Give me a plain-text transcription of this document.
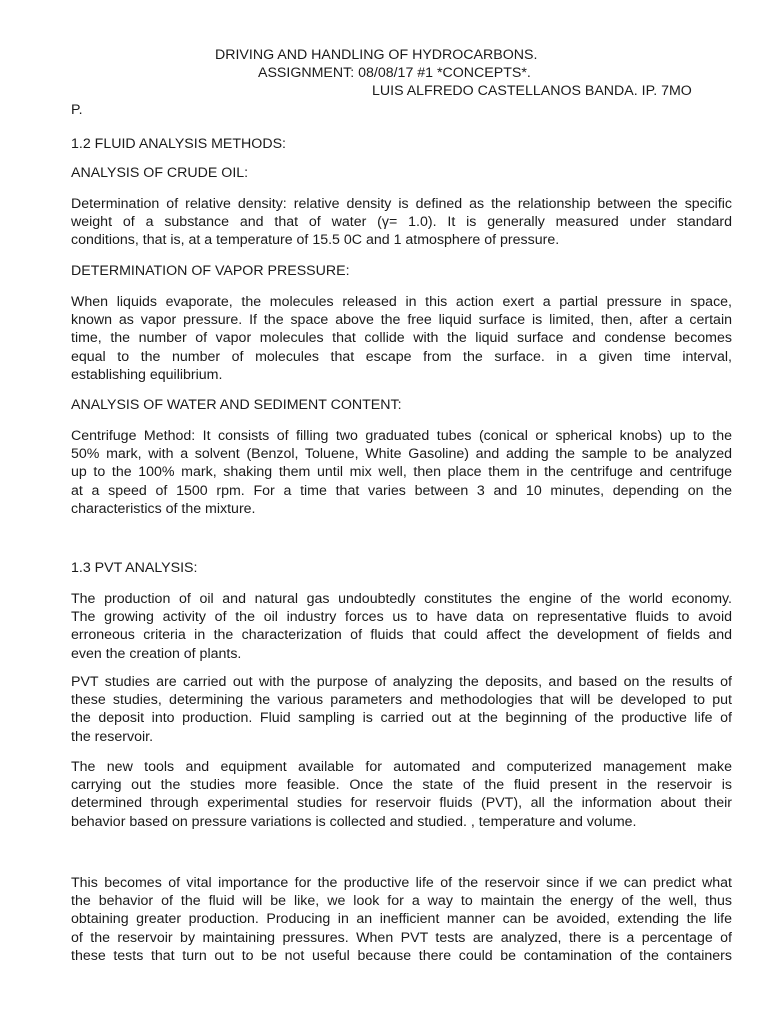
DRIVING AND HANDLING OF HYDROCARBONS.
ASSIGNMENT: 08/08/17 #1 *CONCEPTS*.
LUIS ALFREDO CASTELLANOS BANDA. IP. 7MO
P.
1.2 FLUID ANALYSIS METHODS:
ANALYSIS OF CRUDE OIL:
Determination of relative density: relative density is defined as the relationship between the specific
weight of a substance and that of water (γ= 1.0). It is generally measured under standard
conditions, that is, at a temperature of 15.5 0C and 1 atmosphere of pressure.
DETERMINATION OF VAPOR PRESSURE:
When liquids evaporate, the molecules released in this action exert a partial pressure in space,
known as vapor pressure. If the space above the free liquid surface is limited, then, after a certain
time, the number of vapor molecules that collide with the liquid surface and condense becomes
equal to the number of molecules that escape from the surface. in a given time interval,
establishing equilibrium.
ANALYSIS OF WATER AND SEDIMENT CONTENT:
Centrifuge Method: It consists of filling two graduated tubes (conical or spherical knobs) up to the
50% mark, with a solvent (Benzol, Toluene, White Gasoline) and adding the sample to be analyzed
up to the 100% mark, shaking them until mix well, then place them in the centrifuge and centrifuge
at a speed of 1500 rpm. For a time that varies between 3 and 10 minutes, depending on the
characteristics of the mixture.
1.3 PVT ANALYSIS:
The production of oil and natural gas undoubtedly constitutes the engine of the world economy.
The growing activity of the oil industry forces us to have data on representative fluids to avoid
erroneous criteria in the characterization of fluids that could affect the development of fields and
even the creation of plants.
PVT studies are carried out with the purpose of analyzing the deposits, and based on the results of
these studies, determining the various parameters and methodologies that will be developed to put
the deposit into production. Fluid sampling is carried out at the beginning of the productive life of
the reservoir.
The new tools and equipment available for automated and computerized management make
carrying out the studies more feasible. Once the state of the fluid present in the reservoir is
determined through experimental studies for reservoir fluids (PVT), all the information about their
behavior based on pressure variations is collected and studied. , temperature and volume.
This becomes of vital importance for the productive life of the reservoir since if we can predict what
the behavior of the fluid will be like, we look for a way to maintain the energy of the well, thus
obtaining greater production. Producing in an inefficient manner can be avoided, extending the life
of the reservoir by maintaining pressures. When PVT tests are analyzed, there is a percentage of
these tests that turn out to be not useful because there could be contamination of the containers
